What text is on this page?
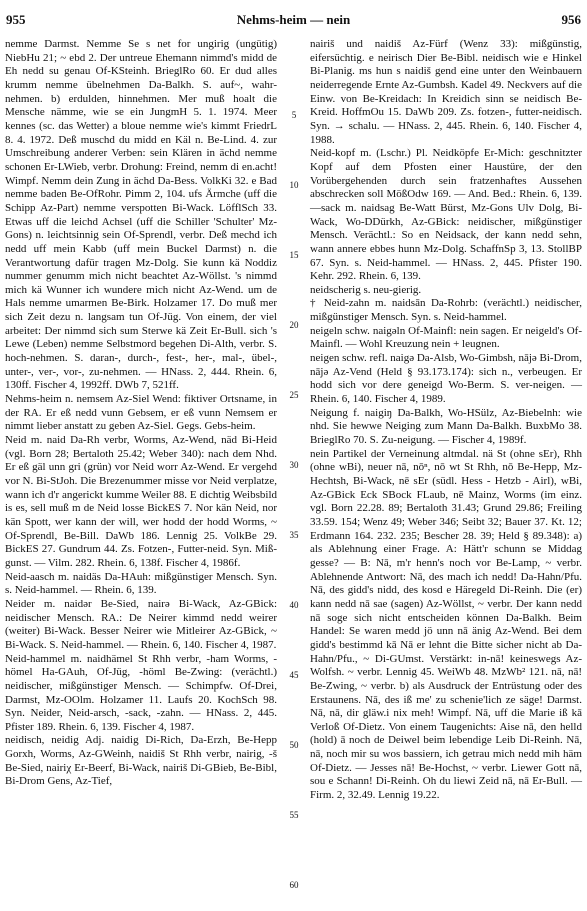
955	Nehms-heim — nein	956

nemme Darmst. Nemme Se s net for ungirig (ungütig) NiebHu 21; ~ ebd 2. Der untreue Ehemann nimmd's midd de Eh nedd su genau Of-KSteinh. BrieglRo 60. Er dud alles krumm nemme übelnehmen Da-Balkh. S. auf~, wahr-nehmen. b) erdulden, hinnehmen. Mer muß hoalt die Mensche nämme, wie se ein JungmH 5. 1. 1974. Meer kennes (sc. das Wetter) a bloue nemme wie's kimmt FriedrL 8. 4. 1972. Deß muschd du midd en Käl n. Be-Lind. 4. zur Umschreibung anderer Verben: sein Klären in ächd nemme schonen Er-LWieb, verbr. Drohung: Freind, nemm di en.acht! Wimpf. Nemm dein Zung in ächd Da-Bess. VolkKi 32. e Bad nemme baden Be-OfRohr. Pimm 2, 104. ufs Ärmche (uff die Schipp Az-Part) nemme verspotten Bi-Wack. LöfflSch 33. Etwas uff die leichd Achsel (uff die Schiller 'Schulter' Mz-Gons) n. leichtsinnig sein Of-Sprendl, verbr. Deß mechd ich nedd uff mein Kabb (uff mein Buckel Darmst) n. die Verantwortung dafür tragen Mz-Dolg. Sie kunn kä Noddiz nummer genumm mich nicht beachtet Az-Wöllst. 's nimmd mich kä Wunner ich wundere mich nicht Az-Wend. um de Hals nemme umarmen Be-Birk. Holzamer 17. Do muß mer sich Zeit dezu n. langsam tun Of-Jüg. Von einem, der viel arbeitet: Der nimmd sich sum Sterwe kä Zeit Er-Bull. sich 's Lewe (Leben) nemme Selbstmord begehen Di-Alth, verbr. S. hoch-nehmen. S. daran-, durch-, fest-, her-, mal-, übel-, unter-, ver-, vor-, zu-nehmen. — HNass. 2, 444. Rhein. 6, 130ff. Fischer 4, 1992ff. DWb 7, 521ff.

Nehms-heim n. nemsem Az-Siel Wend: fiktiver Ortsname, in der RA. Er eß nedd vunn Gebsem, er eß vunn Nemsem er nimmt lieber anstatt zu geben Az-Siel. Gegs. Gebs-heim.

Neid m. naid Da-Rh verbr, Worms, Az-Wend, näd Bi-Heid (vgl. Born 28; Bertaloth 25.42; Weber 340): nach dem Nhd. Er eß gäl unn gri (grün) vor Neid worr Az-Wend. Er vergehd vor N. Bi-StJoh. Die Brezenummer misse vor Neid verplatze, wann ich d'r angerickt kumme Weiler 88. E dichtig Weibsbild is es, sell muß m de Neid losse BickES 7. Nor kän Neid, nor kän Spott, wer kann der will, wer hodd der hodd Worms, ~ Of-Sprendl, Be-Bill. DaWb 186. Lennig 25. VolkBe 29. BickES 27. Gundrum 44. Zs. Fotzen-, Futter-neid. Syn. Miß-gunst. — Vilm. 282. Rhein. 6, 138f. Fischer 4, 1986f.

Neid-aasch m. naidäs Da-HAuh: mißgünstiger Mensch. Syn. s. Neid-hammel. — Rhein. 6, 139.

Neider m. naidər Be-Sied, nairə Bi-Wack, Az-GBick: neidischer Mensch. RA.: De Neirer kimmd nedd weirer (weiter) Bi-Wack. Besser Neirer wie Mitleirer Az-GBick, ~ Bi-Wack. S. Neid-hammel. — Rhein. 6, 140. Fischer 4, 1987.

Neid-hammel m. naidhämel St Rhh verbr, -ham Worms, -hömel Ha-GAuh, Of-Jüg, -höml Be-Zwing: (verächtl.) neidischer, mißgünstiger Mensch. — Schimpfw. Of-Drei, Darmst, Mz-OOlm. Holzamer 11. Laufs 20. KochSch 98. Syn. Neider, Neid-arsch, -sack, -zahn. — HNass. 2, 445. Pfister 189. Rhein. 6, 139. Fischer 4, 1987.

neidisch, neidig Adj. naidig Di-Rich, Da-Erzh, Be-Hepp Gorxh, Worms, Az-GWeinh, naidiš St Rhh verbr, nairig, -š Be-Sied, nairiχ Er-Beerf, Bi-Wack, nairiš Di-GBieb, Be-Bibl, Bi-Drom Gens, Az-Tief,

5
10
15
20
25
30
35
40
45
50
55
60

nairiš und naidiš Az-Fürf (Wenz 33): mißgünstig, eifersüchtig. e neirisch Dier Be-Bibl. neidisch wie e Hinkel Bi-Planig. ms hun s naidiš gend eine unter den Weinbauern neiderregende Ernte Az-Gumbsh. Kadel 49. Neckvers auf die Einw. von Be-Kreidach: In Kreidich sinn se neidisch Be-Kreid. HoffmOu 15. DaWb 209. Zs. fotzen-, futter-neidisch. Syn. → schalu. — HNass. 2, 445. Rhein. 6, 140. Fischer 4, 1988.

Neid-kopf m. (Lschr.) Pl. Neidköpfe Er-Mich: geschnitzter Kopf auf dem Pfosten einer Haustüre, der den Vorübergehenden durch sein fratzenhaftes Aussehen abschrecken soll MößOdw 169. — And. Bed.: Rhein. 6, 139. —sack m. naidsag Be-Watt Bürst, Mz-Gons Ulv Dolg, Bi-Wack, Wo-DDürkh, Az-GBick: neidischer, mißgünstiger Mensch. Verächtl.: So en Neidsack, der kann nedd sehn, wann annere ebbes hunn Mz-Dolg. SchaffnSp 3, 13. StollBP 67. Syn. s. Neid-hammel. — HNass. 2, 445. Pfister 190. Kehr. 292. Rhein. 6, 139.

neidscherig s. neu-gierig.

† Neid-zahn m. naidsān Da-Rohrb: (verächtl.) neidischer, mißgünstiger Mensch. Syn. s. Neid-hammel.

neigeln schw. naigəln Of-Mainfl: nein sagen. Er neigeld's Of-Mainfl. — Wohl Kreuzung nein + leugnen.

neigen schw. refl. naigə Da-Alsb, Wo-Gimbsh, nājə Bi-Drom, nājə Az-Vend (Held § 93.173.174): sich n., verbeugen. Er hodd sich vor dere geneigd Wo-Berm. S. ver-neigen. — Rhein. 6, 140. Fischer 4, 1989.

Neigung f. naigiŋ Da-Balkh, Wo-HSülz, Az-Biebelnh: wie nhd. Sie hewwe Neiging zum Mann Da-Balkh. BuxbMo 38. BrieglRo 70. S. Zu-neigung. — Fischer 4, 1989f.

nein Partikel der Verneinung altmdal. nä St (ohne sEr), Rhh (ohne wBi), neuer nā, nōⁿ, nō wt St Rhh, nō Be-Hepp, Mz-Hechtsh, Bi-Wack, nē sEr (südl. Hess - Hetzb - Airl), wBi, Az-GBick Eck SBock FLaub, nē Mainz, Worms (im einz. vgl. Born 22.28. 89; Bertaloth 31.43; Grund 29.86; Freiling 33.59. 154; Wenz 49; Weber 346; Seibt 32; Bauer 37. Kt. 12; Erdmann 164. 232. 235; Bescher 28. 39; Held § 89.348): a) als Ablehnung einer Frage. A: Hätt'r schunn se Middag gesse? — B: Nā, m'r henn's noch vor Be-Lamp, ~ verbr. Ablehnende Antwort: Nā, des mach ich nedd! Da-Hahn/Pfu. Nā, des gidd's nidd, des kosd e Häregeld Di-Reinh. Die (er) kann nedd nā sae (sagen) Az-Wöllst, ~ verbr. Der kann nedd nā soge sich nicht entscheiden können Da-Balkh. Beim Handel: Se waren medd jö unn nā änig Az-Wend. Bei dem gidd's bestimmd kā Nā er lehnt die Bitte sicher nicht ab Da-Hahn/Pfu., ~ Di-GUmst. Verstärkt: in-nā! keineswegs Az-Wolfsh. ~ verbr. Lennig 45. WeiWb 48. MzWb² 121. nā, nā! Be-Zwing, ~ verbr. b) als Ausdruck der Entrüstung oder des Erstaunens. Nā, des iß me' zu schenie'lich ze säge! Darmst. Nā, nā, dir gläw.i nix meh! Wimpf. Nā, uff die Marie iß kā Verloß Of-Dietz. Von einem Taugenichts: Aise nā, den helld (hold) ā noch de Deiwel beim lebendige Leib Di-Reinh. Nā, nā, noch mir su wos bassiern, ich getrau mich nedd mih häm Of-Dietz. — Jesses nā! Be-Hochst, ~ verbr. Liewer Gott nā, sou e Schann! Di-Reinh. Oh du liewi Zeid nā, nā Er-Bull. — Firm. 2, 32.49. Lennig 19.22.
